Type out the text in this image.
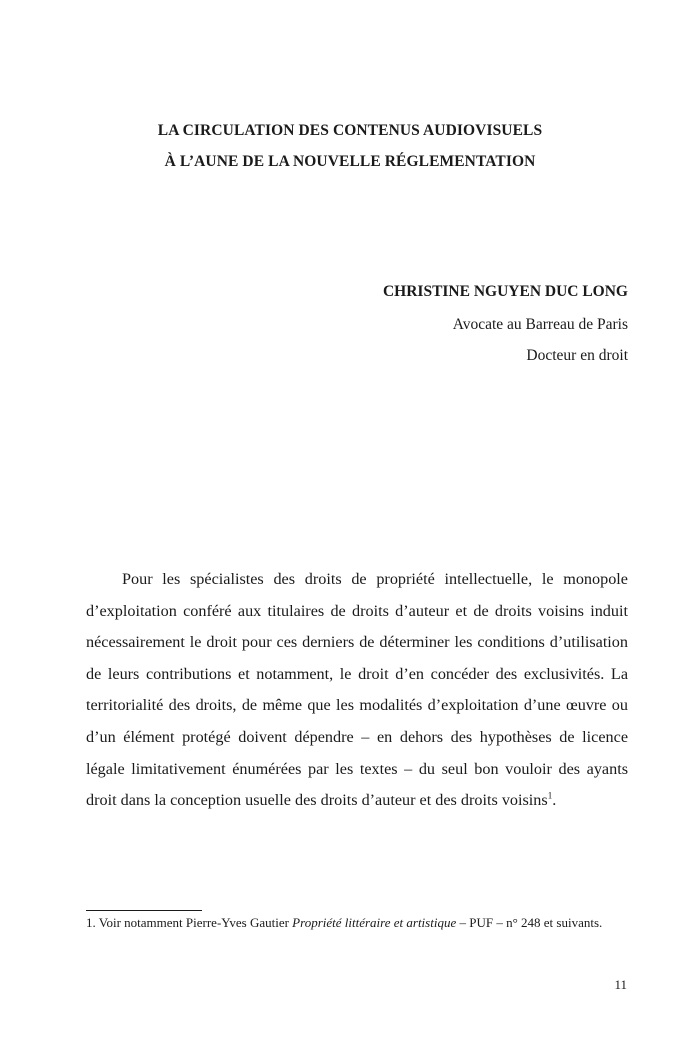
LA CIRCULATION DES CONTENUS AUDIOVISUELS
À L’AUNE DE LA NOUVELLE RÉGLEMENTATION

CHRISTINE NGUYEN DUC LONG

Avocate au Barreau de Paris

Docteur en droit

Pour les spécialistes des droits de propriété intellectuelle, le monopole d’exploitation conféré aux titulaires de droits d’auteur et de droits voisins induit nécessairement le droit pour ces derniers de déterminer les conditions d’utilisation de leurs contributions et notamment, le droit d’en concéder des exclusivités. La territorialité des droits, de même que les modalités d’exploitation d’une œuvre ou d’un élément protégé doivent dépendre – en dehors des hypothèses de licence légale limitativement énumérées par les textes – du seul bon vouloir des ayants droit dans la conception usuelle des droits d’auteur et des droits voisins$^1$.

1. Voir notamment Pierre-Yves Gautier Propriété littéraire et artistique – PUF – n° 248 et suivants.

11
